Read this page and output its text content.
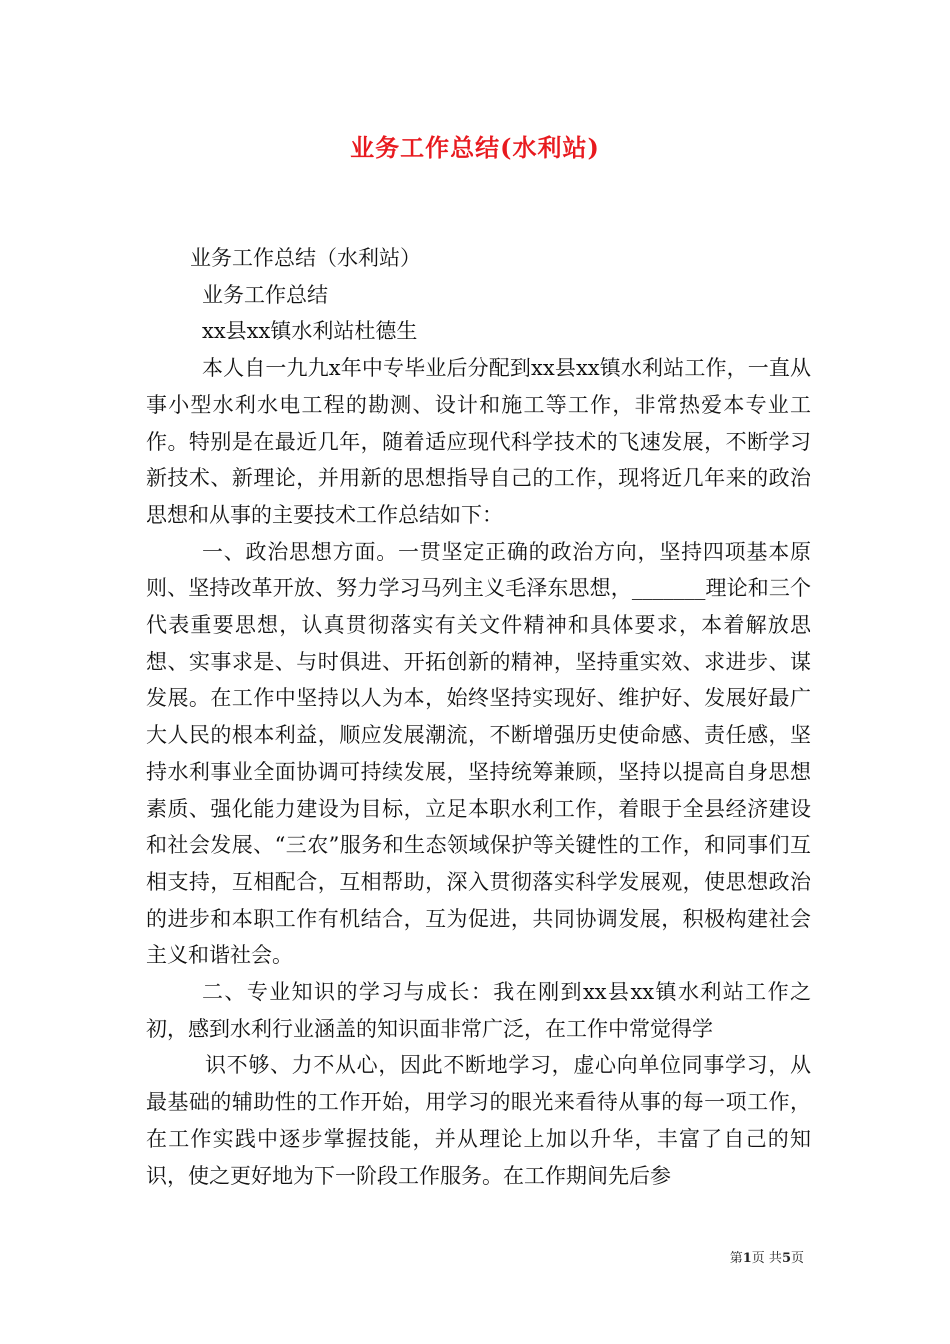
业务工作总结(水利站)

业务工作总结（水利站）

业务工作总结

xx县xx镇水利站杜德生

本人自一九九x年中专毕业后分配到xx县xx镇水利站工作，一直从事小型水利水电工程的勘测、设计和施工等工作，非常热爱本专业工作。特别是在最近几年，随着适应现代科学技术的飞速发展，不断学习新技术、新理论，并用新的思想指导自己的工作，现将近几年来的政治思想和从事的主要技术工作总结如下：

一、政治思想方面。一贯坚定正确的政治方向，坚持四项基本原则、坚持改革开放、努力学习马列主义毛泽东思想，_______理论和三个代表重要思想，认真贯彻落实有关文件精神和具体要求，本着解放思想、实事求是、与时俱进、开拓创新的精神，坚持重实效、求进步、谋发展。在工作中坚持以人为本，始终坚持实现好、维护好、发展好最广大人民的根本利益，顺应发展潮流，不断增强历史使命感、责任感，坚持水利事业全面协调可持续发展，坚持统筹兼顾，坚持以提高自身思想素质、强化能力建设为目标，立足本职水利工作，着眼于全县经济建设和社会发展、“三农”服务和生态领域保护等关键性的工作，和同事们互相支持，互相配合，互相帮助，深入贯彻落实科学发展观，使思想政治的进步和本职工作有机结合，互为促进，共同协调发展，积极构建社会主义和谐社会。

二、专业知识的学习与成长：我在刚到xx县xx镇水利站工作之初，感到水利行业涵盖的知识面非常广泛，在工作中常觉得学

识不够、力不从心，因此不断地学习，虚心向单位同事学习，从最基础的辅助性的工作开始，用学习的眼光来看待从事的每一项工作，在工作实践中逐步掌握技能，并从理论上加以升华，丰富了自己的知识，使之更好地为下一阶段工作服务。在工作期间先后参

第1页 共5页
